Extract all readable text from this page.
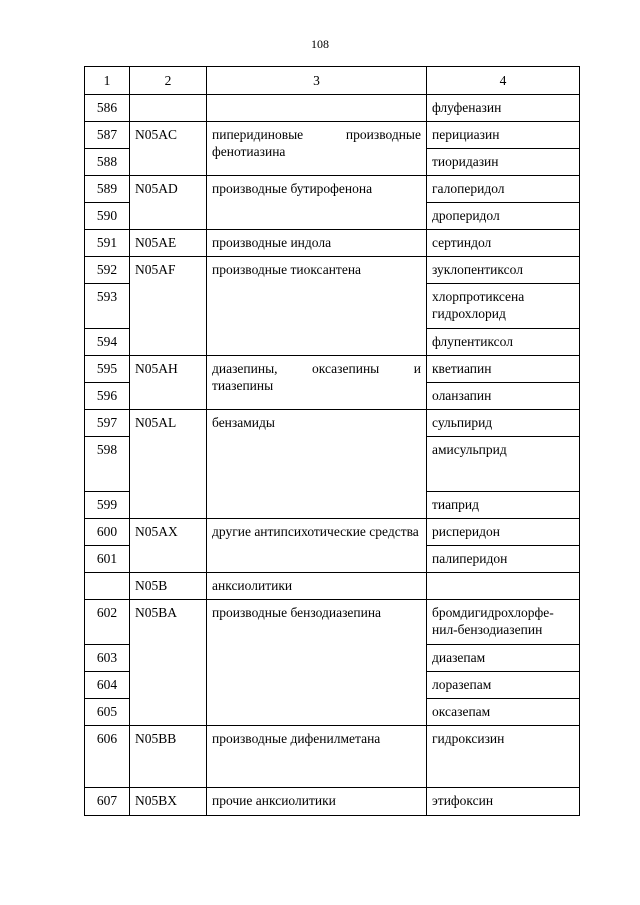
108
1	2	3	4
586			флуфеназин
587	N05AC	пиперидиновые производные фенотиазина	перициазин
588			тиоридазин
589	N05AD	производные бутирофенона	галоперидол
590			дроперидол
591	N05AE	производные индола	сертиндол
592	N05AF	производные тиоксантена	зуклопентиксол
593			хлорпротиксена гидрохлорид
594			флупентиксол
595	N05AH	диазепины, оксазепины и тиазепины	кветиапин
596			оланзапин
597	N05AL	бензамиды	сульпирид
598			амисульприд
599			тиаприд
600	N05AX	другие антипсихотические средства	рисперидон
601			палиперидон
	N05B	анксиолитики	
602	N05BA	производные бензодиазепина	бромдигидрохлорфе-нил-бензодиазепин
603			диазепам
604			лоразепам
605			оксазепам
606	N05BB	производные дифенилметана	гидроксизин
607	N05BX	прочие анксиолитики	этифоксин
